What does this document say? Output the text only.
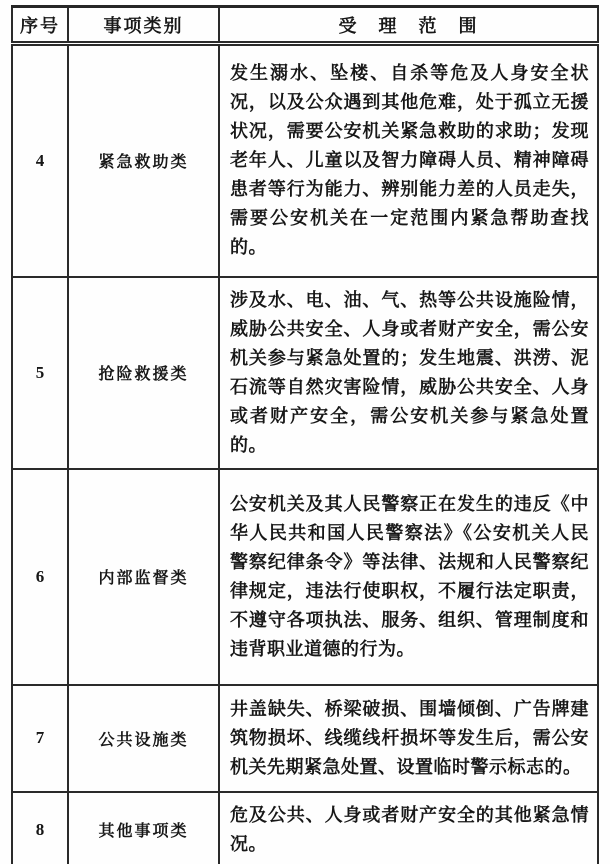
序号	事项类别	受　理　范　围
4	紧急救助类	发生溺水、坠楼、自杀等危及人身安全状况，以及公众遇到其他危难，处于孤立无援状况，需要公安机关紧急救助的求助；发现老年人、儿童以及智力障碍人员、精神障碍患者等行为能力、辨别能力差的人员走失，需要公安机关在一定范围内紧急帮助查找的。
5	抢险救援类	涉及水、电、油、气、热等公共设施险情，威胁公共安全、人身或者财产安全，需公安机关参与紧急处置的；发生地震、洪涝、泥石流等自然灾害险情，威胁公共安全、人身或者财产安全，需公安机关参与紧急处置的。
6	内部监督类	公安机关及其人民警察正在发生的违反《中华人民共和国人民警察法》《公安机关人民警察纪律条令》等法律、法规和人民警察纪律规定，违法行使职权，不履行法定职责，不遵守各项执法、服务、组织、管理制度和违背职业道德的行为。
7	公共设施类	井盖缺失、桥梁破损、围墙倾倒、广告牌建筑物损坏、线缆线杆损坏等发生后，需公安机关先期紧急处置、设置临时警示标志的。
8	其他事项类	危及公共、人身或者财产安全的其他紧急情况。
